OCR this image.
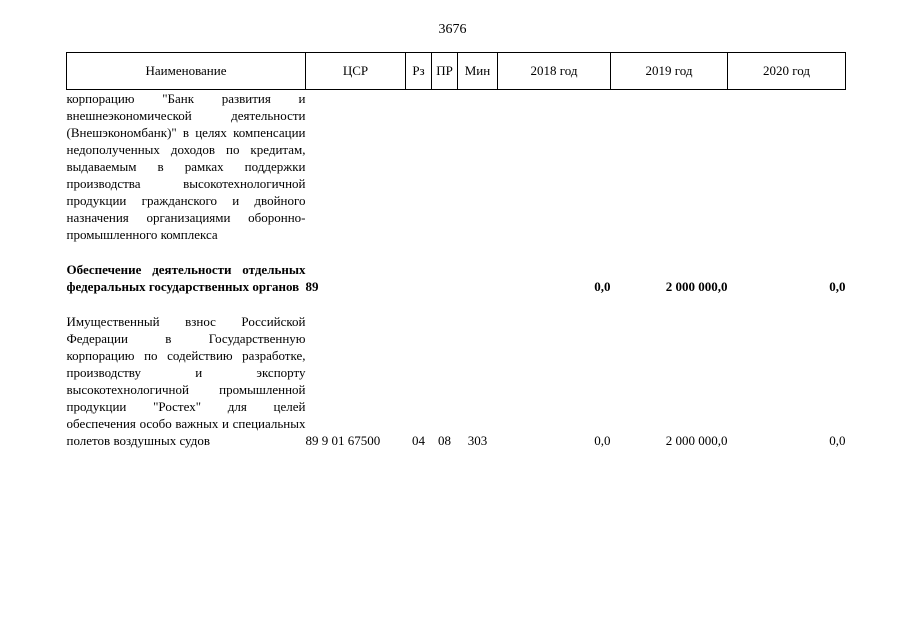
3676
Наименование	ЦСР	Рз	ПР	Мин	2018 год	2019 год	2020 год
корпорацию "Банк развития и внешнеэкономической деятельности (Внешэкономбанк)" в целях компенсации недополученных доходов по кредитам, выдаваемым в рамках поддержки производства высокотехнологичной продукции гражданского и двойного назначения организациями оборонно-промышленного комплекса							

Обеспечение деятельности отдельных федеральных государственных органов	89				0,0	2 000 000,0	0,0

Имущественный взнос Российской Федерации в Государственную корпорацию по содействию разработке, производству и экспорту высокотехнологичной промышленной продукции "Ростех" для целей обеспечения особо важных и специальных полетов воздушных судов	89 9 01 67500	04	08	303	0,0	2 000 000,0	0,0
